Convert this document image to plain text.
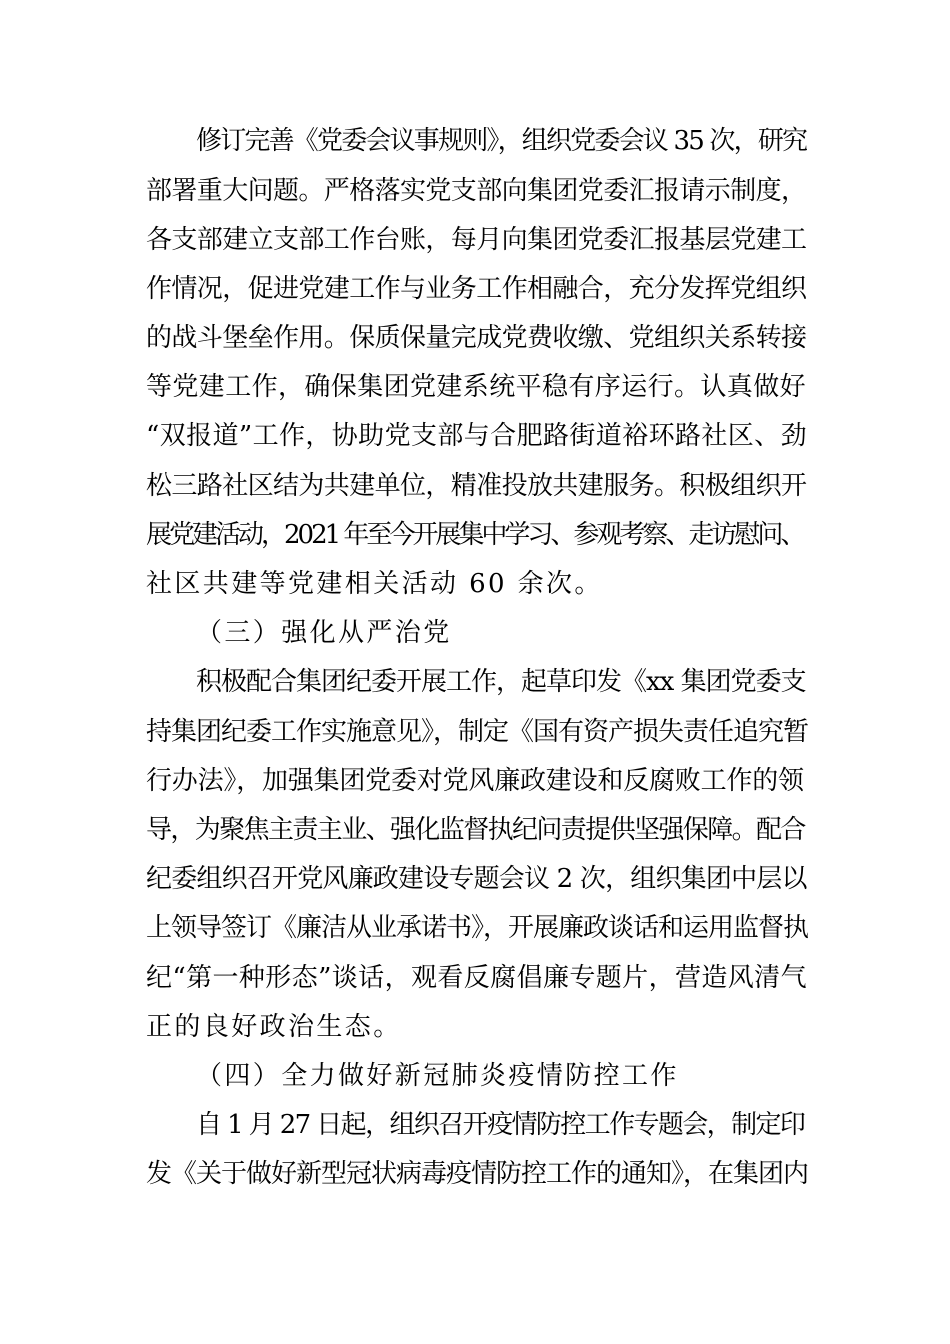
修订完善《党委会议事规则》，组织党委会议 35 次，研究
部署重大问题。严格落实党支部向集团党委汇报请示制度，
各支部建立支部工作台账，每月向集团党委汇报基层党建工
作情况，促进党建工作与业务工作相融合，充分发挥党组织
的战斗堡垒作用。保质保量完成党费收缴、党组织关系转接
等党建工作，确保集团党建系统平稳有序运行。认真做好
“双报道”工作，协助党支部与合肥路街道裕环路社区、劲
松三路社区结为共建单位，精准投放共建服务。积极组织开
展党建活动，2021 年至今开展集中学习、参观考察、走访慰问、
社区共建等党建相关活动 60 余次。
（三）强化从严治党
积极配合集团纪委开展工作，起草印发《xx 集团党委支
持集团纪委工作实施意见》，制定《国有资产损失责任追究暂
行办法》，加强集团党委对党风廉政建设和反腐败工作的领
导，为聚焦主责主业、强化监督执纪问责提供坚强保障。配合
纪委组织召开党风廉政建设专题会议 2 次，组织集团中层以
上领导签订《廉洁从业承诺书》，开展廉政谈话和运用监督执
纪“第一种形态”谈话，观看反腐倡廉专题片，营造风清气
正的良好政治生态。
（四）全力做好新冠肺炎疫情防控工作
自 1 月 27 日起，组织召开疫情防控工作专题会，制定印
发《关于做好新型冠状病毒疫情防控工作的通知》，在集团内
